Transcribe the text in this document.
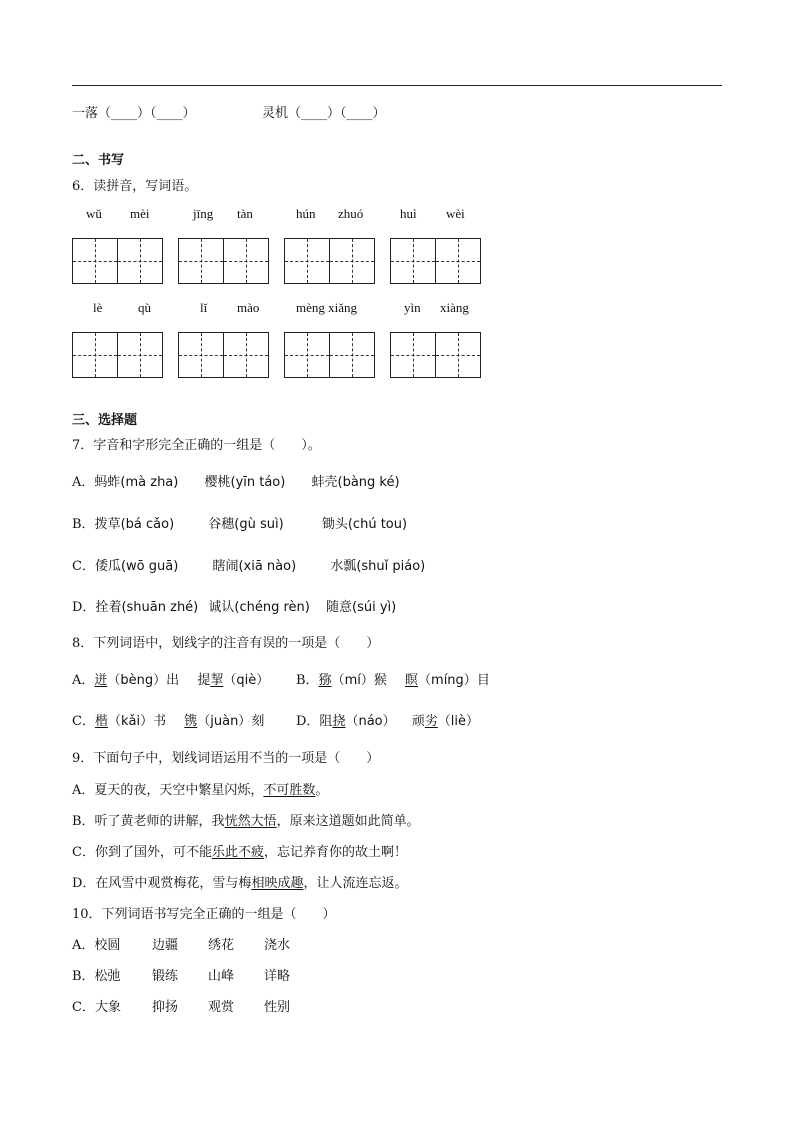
一落（____）（____）	灵机（____）（____）
二、书写
6．读拼音，写词语。
wǔ mèi	jīng tàn	hún zhuó	huì wèi
lè	qù	lǐ mào	mèng xiǎng	yìn xiàng
三、选择题
7．字音和字形完全正确的一组是（　　）。
A．蚂蚱(mà zha) 樱桃(yīn táo) 蚌壳(bàng ké)
B．拨草(bá cǎo)	谷穗(gù suì)	锄头(chú tou)
C．倭瓜(wō guā)	瞎闹(xiā nào)	水瓢(shuǐ piáo)
D．拴着(shuān zhé) 诚认(chéng rèn) 随意(súi yì)
8．下列词语中，划线字的注音有误的一项是（　　）
A．迸（bèng）出 提挈（qiè） B．猕（mí）猴 瞑（míng）目
C．楷（kǎi）书 镌（juàn）刻 D．阻挠（náo） 顽劣（liè）
9．下面句子中，划线词语运用不当的一项是（　　）
A．夏天的夜，天空中繁星闪烁，不可胜数。
B．听了黄老师的讲解，我恍然大悟，原来这道题如此简单。
C．你到了国外，可不能乐此不疲，忘记养育你的故土啊！
D．在风雪中观赏梅花，雪与梅相映成趣，让人流连忘返。
10．下列词语书写完全正确的一组是（　　）
A．校圆 边疆 绣花 浇水
B．松弛 锻练 山峰 详略
C．大象 抑扬 观赏 性别
